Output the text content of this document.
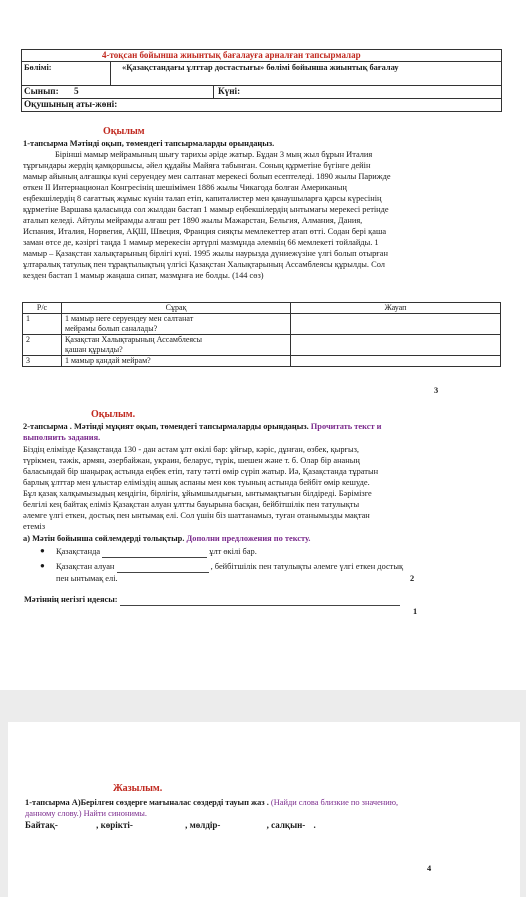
4-тоқсан бойынша жиынтық бағалауға арналған тапсырмалар
Бөлімі:	«Қазақстандағы ұлттар достастығы» бөлімі бойынша жиынтық бағалау
Сынып: 5	Күні:
Оқушының аты-жөні:
Оқылым
1-тапсырма Мәтінді оқып, төмендегі тапсырмаларды орындаңыз.
Бірінші мамыр мейрамының шығу тарихы әріде жатыр. Бұдан 3 мың жыл бұрын Италия
тұрғындары жердің қамқоршысы, әйел құдайы Майяға табынған. Соның құрметіне бүгінге дейін
мамыр айының алғашқы күні серуендеу мен салтанат мерекесі болып есептеледі. 1890 жылы Парижде
өткен II Интернационал Конгресінің шешімімен 1886 жылы Чикагода болған Американың
еңбекшілердің 8 сағаттық жұмыс күнін талап етіп, капиталистер мен қанаушыларға қарсы күресінің
құрметіне Варшава қаласында сол жылдан бастап 1 мамыр еңбекшілердің ынтымағы мерекесі ретінде
аталып келеді. Айтулы мейрамды алғаш рет 1890 жылы Мажарстан, Бельгия, Алмания, Дания,
Испания, Италия, Норвегия, АҚШ, Швеция, Франция сияқты мемлекеттер атап өтті. Содан бері қаша
заман өтсе де, кәзіргі таңда 1 мамыр мерекесін әртүрлі мазмұнда әлемнің 66 мемлекеті тойлайды. 1
мамыр – Қазақстан халықтарының бірлігі күні. 1995 жылы наурызда дүниежүзіне үлгі болып отырған
ұлтаралық татулық пен тұрақтылықтың үлгісі Қазақстан Халықтарының Ассамблеясы құрылды. Сол
кезден бастап 1 мамыр жаңаша сипат, мазмұнға ие болды. (144 сөз)
Р/с	Сұрақ	Жауап
1	1 мамыр неге серуендеу мен салтанат
мейрамы болып саналады?	

2	Қазақстан Халықтарының Ассамблеясы
қашан құрылды?	

3	1 мамыр қандай мейрам?	
3
Оқылым.
2-тапсырма . Мәтінді мұқият оқып, төмендегі тапсырмаларды орындаңыз. Прочитать текст и
выполнить задания.
Біздің елімізде Қазақстанда 130 - дан астам ұлт өкілі бар: ұйғыр, кәріс, дұнған, өзбек, қырғыз,
түрікмен, тәжік, армян, әзербайжан, украин, беларус, түрік, шешен және т. б. Олар бір ананың
баласындай бір шаңырақ астында еңбек етіп, тату тәтті өмір сүріп жатыр. Иә, Қазақстанда тұратын
барлық ұлттар мен ұлыстар елімiздің ашық аспаны мен көк туының астында бейбіт өмір кешуде.
Бұл қазақ халқымызыдың кеңдігін, бірлігін, ұйымшылдығын, ынтымақтығын білдіреді. Бәрімізге
белгілі кең байтақ еліміз Қазақстан алуан ұлтты бауырына басқан, бейбітшілік пен татулықты
әлемге үлгі еткен, достық пен ынтымақ елі. Сол үшін біз шаттанамыз, туған отанымызды мақтан
етеміз
а) Мәтін бойынша сөйлемдерді толықтыр. Дополни предложения по тексту.
● Қазақстанда	ұлт өкілі бар.
● Қазақстан алуан	, бейбітшілік пен татулықты әлемге үлгі еткен достық
пен ынтымақ елі.	2
Мәтіннің негізгі идеясы:
1
Жазылым.
1-тапсырма А)Берілген сөздерге мағыналас сөздерді тауып жаз . (Найди слова близкие по значению,
данному слову.) Найти синонимы.
Байтақ-	, көрікті-	, мөлдір-	, салқын- .
4
